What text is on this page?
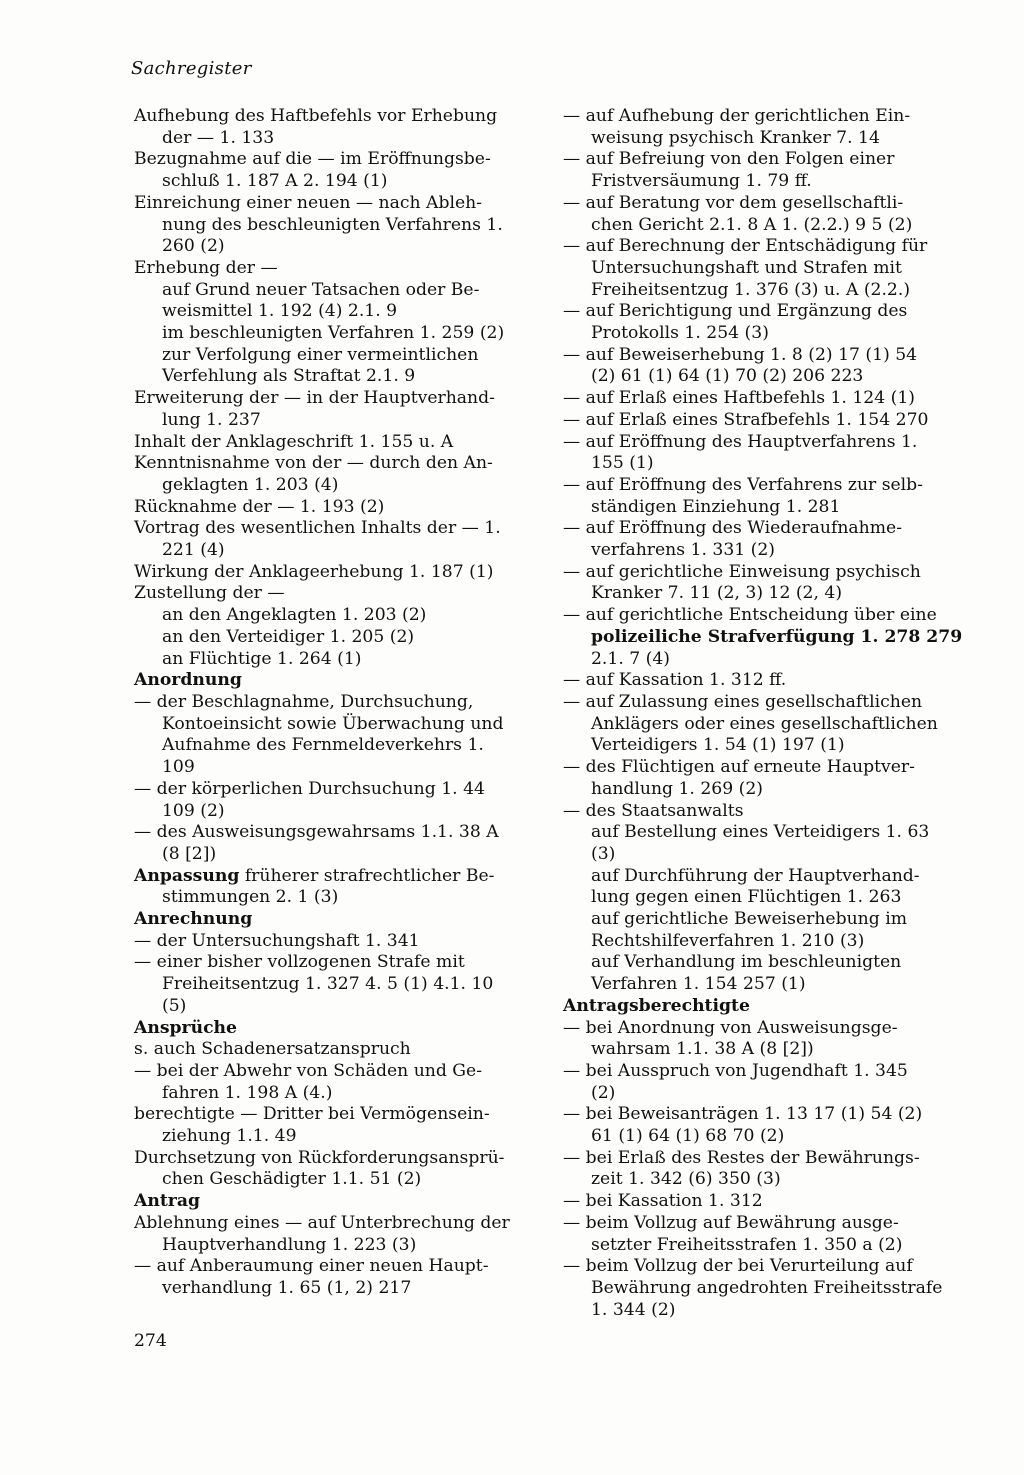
Sachregister
Aufhebung des Haftbefehls vor Erhebung
der — 1. 133
Bezugnahme auf die — im Eröffnungsbe-
schluß 1. 187 A 2. 194 (1)
Einreichung einer neuen — nach Ableh-
nung des beschleunigten Verfahrens 1.
260 (2)
Erhebung der —
auf Grund neuer Tatsachen oder Be-
weismittel 1. 192 (4) 2.1. 9
im beschleunigten Verfahren 1. 259 (2)
zur Verfolgung einer vermeintlichen
Verfehlung als Straftat 2.1. 9
Erweiterung der — in der Hauptverhand-
lung 1. 237
Inhalt der Anklageschrift 1. 155 u. A
Kenntnisnahme von der — durch den An-
geklagten 1. 203 (4)
Rücknahme der — 1. 193 (2)
Vortrag des wesentlichen Inhalts der — 1.
221 (4)
Wirkung der Anklageerhebung 1. 187 (1)
Zustellung der —
an den Angeklagten 1. 203 (2)
an den Verteidiger 1. 205 (2)
an Flüchtige 1. 264 (1)
Anordnung
— der Beschlagnahme, Durchsuchung,
Kontoeinsicht sowie Überwachung und
Aufnahme des Fernmeldeverkehrs 1.
109
— der körperlichen Durchsuchung 1. 44
109 (2)
— des Ausweisungsgewahrsams 1.1. 38 A
(8 [2])
Anpassung früherer strafrechtlicher Be-
stimmungen 2. 1 (3)
Anrechnung
— der Untersuchungshaft 1. 341
— einer bisher vollzogenen Strafe mit
Freiheitsentzug 1. 327 4. 5 (1) 4.1. 10
(5)
Ansprüche
s. auch Schadenersatzanspruch
— bei der Abwehr von Schäden und Ge-
fahren 1. 198 A (4.)
berechtigte — Dritter bei Vermögensein-
ziehung 1.1. 49
Durchsetzung von Rückforderungsansprü-
chen Geschädigter 1.1. 51 (2)
Antrag
Ablehnung eines — auf Unterbrechung der
Hauptverhandlung 1. 223 (3)
— auf Anberaumung einer neuen Haupt-
verhandlung 1. 65 (1, 2) 217
— auf Aufhebung der gerichtlichen Ein-
weisung psychisch Kranker 7. 14
— auf Befreiung von den Folgen einer
Fristversäumung 1. 79 ff.
— auf Beratung vor dem gesellschaftli-
chen Gericht 2.1. 8 A 1. (2.2.) 9 5 (2)
— auf Berechnung der Entschädigung für
Untersuchungshaft und Strafen mit
Freiheitsentzug 1. 376 (3) u. A (2.2.)
— auf Berichtigung und Ergänzung des
Protokolls 1. 254 (3)
— auf Beweiserhebung 1. 8 (2) 17 (1) 54
(2) 61 (1) 64 (1) 70 (2) 206 223
— auf Erlaß eines Haftbefehls 1. 124 (1)
— auf Erlaß eines Strafbefehls 1. 154 270
— auf Eröffnung des Hauptverfahrens 1.
155 (1)
— auf Eröffnung des Verfahrens zur selb-
ständigen Einziehung 1. 281
— auf Eröffnung des Wiederaufnahme-
verfahrens 1. 331 (2)
— auf gerichtliche Einweisung psychisch
Kranker 7. 11 (2, 3) 12 (2, 4)
— auf gerichtliche Entscheidung über eine
polizeiliche Strafverfügung 1. 278 279
2.1. 7 (4)
— auf Kassation 1. 312 ff.
— auf Zulassung eines gesellschaftlichen
Anklägers oder eines gesellschaftlichen
Verteidigers 1. 54 (1) 197 (1)
— des Flüchtigen auf erneute Hauptver-
handlung 1. 269 (2)
— des Staatsanwalts
auf Bestellung eines Verteidigers 1. 63
(3)
auf Durchführung der Hauptverhand-
lung gegen einen Flüchtigen 1. 263
auf gerichtliche Beweiserhebung im
Rechtshilfeverfahren 1. 210 (3)
auf Verhandlung im beschleunigten
Verfahren 1. 154 257 (1)
Antragsberechtigte
— bei Anordnung von Ausweisungsge-
wahrsam 1.1. 38 A (8 [2])
— bei Ausspruch von Jugendhaft 1. 345
(2)
— bei Beweisanträgen 1. 13 17 (1) 54 (2)
61 (1) 64 (1) 68 70 (2)
— bei Erlaß des Restes der Bewährungs-
zeit 1. 342 (6) 350 (3)
— bei Kassation 1. 312
— beim Vollzug auf Bewährung ausge-
setzter Freiheitsstrafen 1. 350 a (2)
— beim Vollzug der bei Verurteilung auf
Bewährung angedrohten Freiheitsstrafe
1. 344 (2)
274
